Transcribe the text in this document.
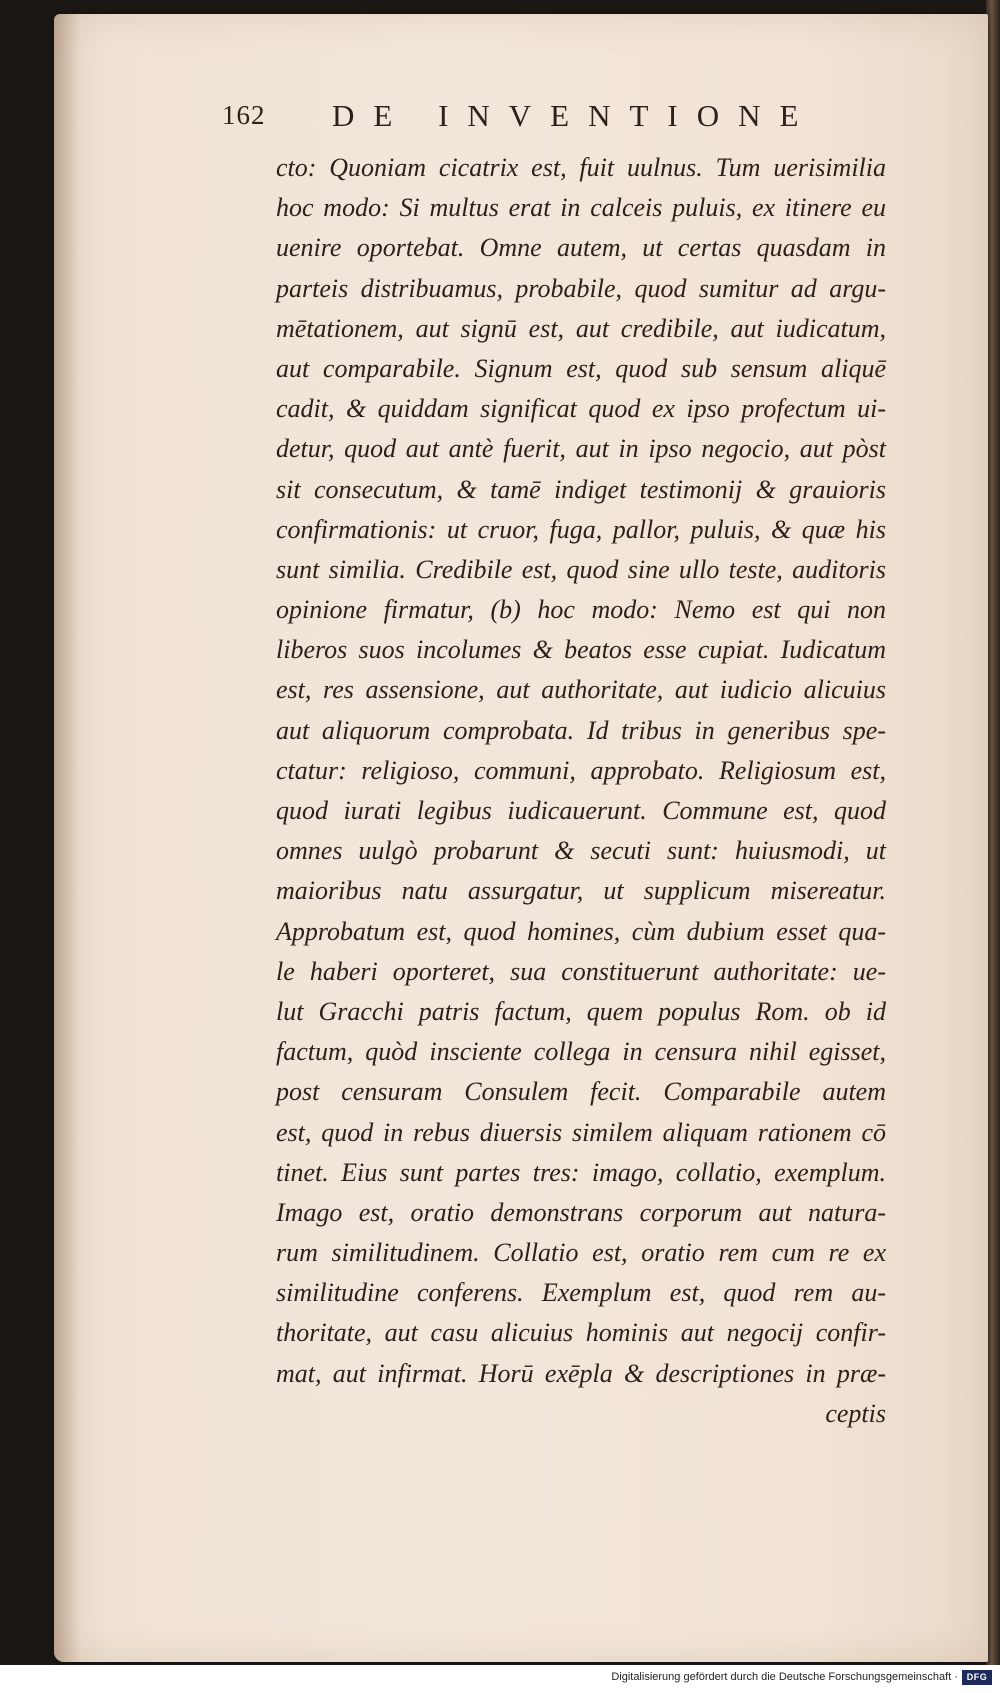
162 DE INVENTIONE
cto: Quoniam cicatrix est, fuit uulnus. Tum uerisimilia
hoc modo: Si multus erat in calceis puluis, ex itinere eu
uenire oportebat. Omne autem, ut certas quasdam in
parteis distribuamus, probabile, quod sumitur ad argu-
mētationem, aut signū est, aut credibile, aut iudicatum,
aut comparabile. Signum est, quod sub sensum aliquē
cadit, & quiddam significat quod ex ipso profectum ui-
detur, quod aut antè fuerit, aut in ipso negocio, aut pòst
sit consecutum, & tamē indiget testimonij & grauioris
confirmationis: ut cruor, fuga, pallor, puluis, & quæ his
sunt similia. Credibile est, quod sine ullo teste, auditoris
opinione firmatur, (b) hoc modo: Nemo est qui non
liberos suos incolumes & beatos esse cupiat. Iudicatum
est, res assensione, aut authoritate, aut iudicio alicuius
aut aliquorum comprobata. Id tribus in generibus spe-
ctatur: religioso, communi, approbato. Religiosum est,
quod iurati legibus iudicauerunt. Commune est, quod
omnes uulgò probarunt & secuti sunt: huiusmodi, ut
maioribus natu assurgatur, ut supplicum misereatur.
Approbatum est, quod homines, cùm dubium esset qua-
le haberi oporteret, sua constituerunt authoritate: ue-
lut Gracchi patris factum, quem populus Rom. ob id
factum, quòd insciente collega in censura nihil egisset,
post censuram Consulem fecit. Comparabile autem
est, quod in rebus diuersis similem aliquam rationem cō
tinet. Eius sunt partes tres: imago, collatio, exemplum.
Imago est, oratio demonstrans corporum aut natura-
rum similitudinem. Collatio est, oratio rem cum re ex
similitudine conferens. Exemplum est, quod rem au-
thoritate, aut casu alicuius hominis aut negocij confir-
mat, aut infirmat. Horū exēpla & descriptiones in præ-
ceptis
Digitalisierung gefördert durch die Deutsche Forschungsgemeinschaft · DFG
